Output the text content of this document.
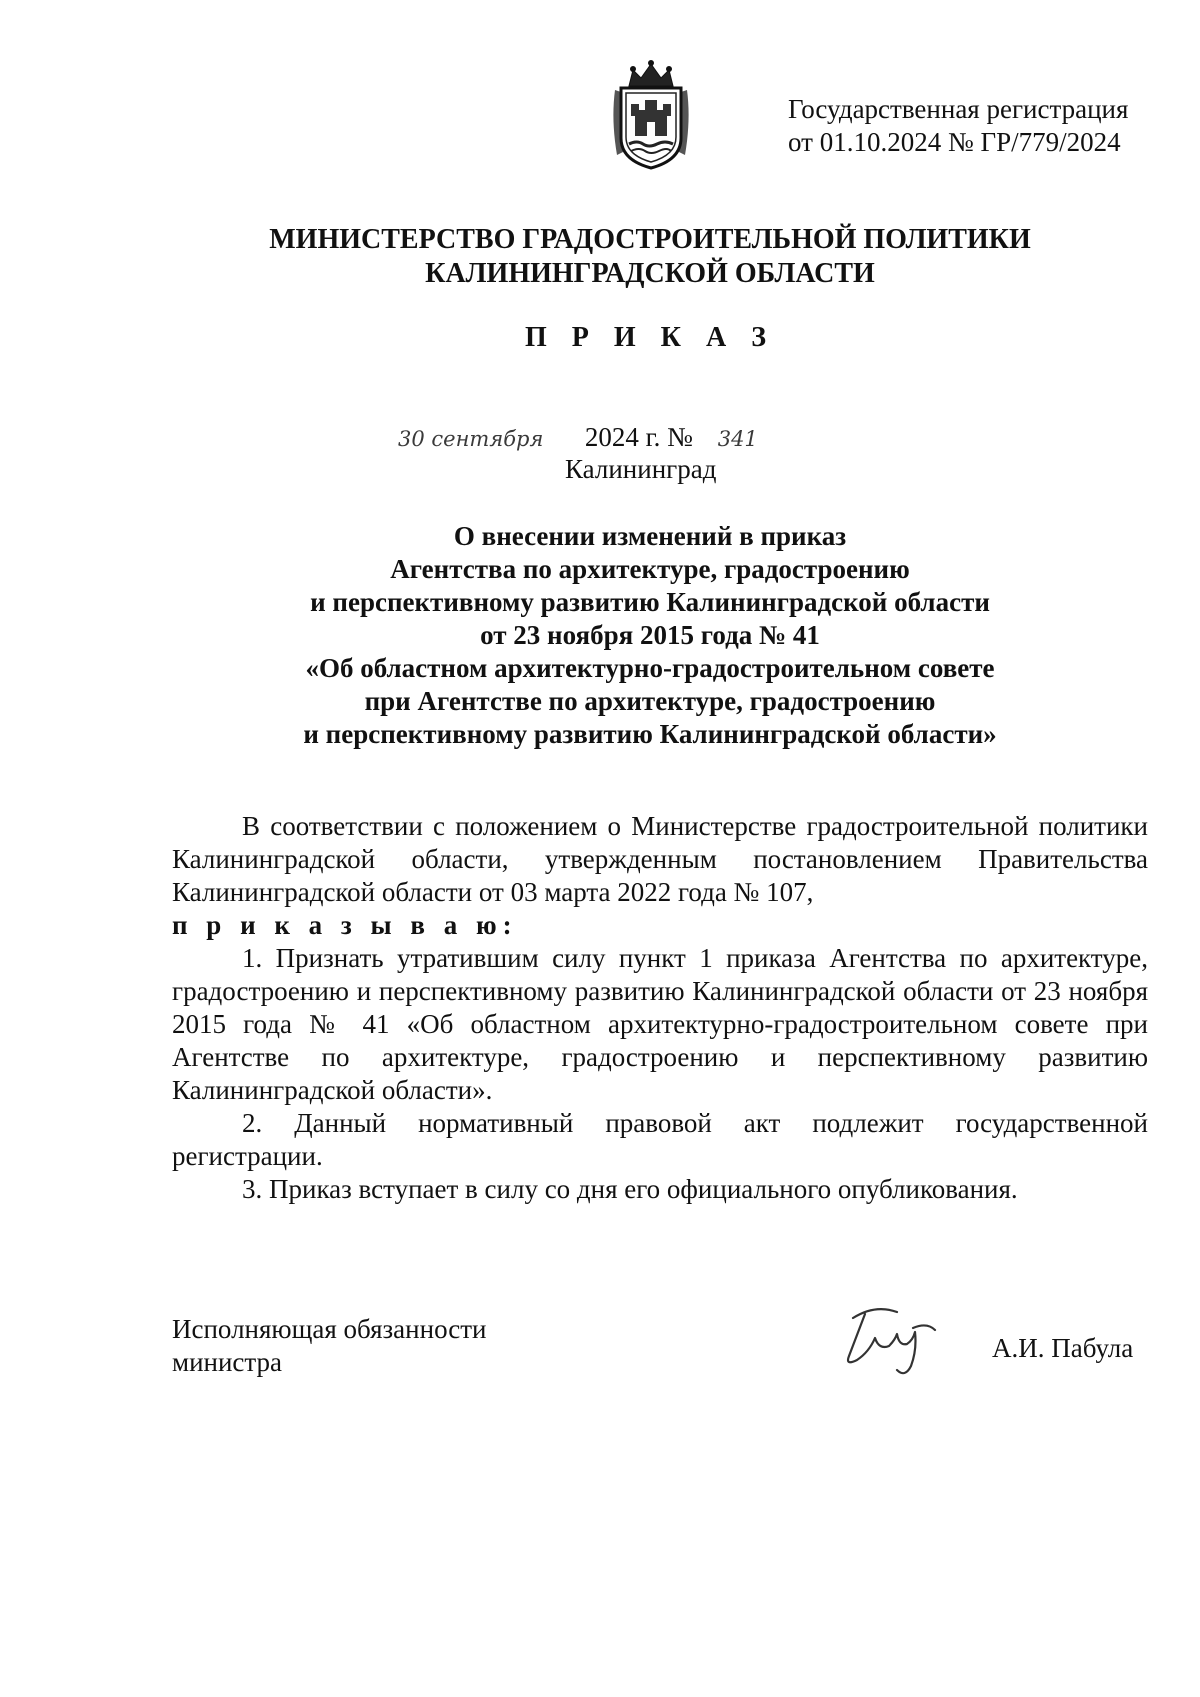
Государственная регистрация
от 01.10.2024 № ГР/779/2024
МИНИСТЕРСТВО ГРАДОСТРОИТЕЛЬНОЙ ПОЛИТИКИ
КАЛИНИНГРАДСКОЙ ОБЛАСТИ
П Р И К А З
30 сентября 2024 г. № 341
Калининград
О внесении изменений в приказ
Агентства по архитектуре, градостроению
и перспективному развитию Калининградской области
от 23 ноября 2015 года № 41
«Об областном архитектурно-градостроительном совете
при Агентстве по архитектуре, градостроению
и перспективному развитию Калининградской области»

В соответствии с положением о Министерстве градостроительной политики Калининградской области, утвержденным постановлением Правительства Калининградской области от 03 марта 2022 года № 107,

п р и к а з ы в а ю:

1. Признать утратившим силу пункт 1 приказа Агентства по архитектуре, градостроению и перспективному развитию Калининградской области от 23 ноября 2015 года № 41 «Об областном архитектурно-градостроительном совете при Агентстве по архитектуре, градостроению и перспективному развитию Калининградской области».

2. Данный нормативный правовой акт подлежит государственной регистрации.

3. Приказ вступает в силу со дня его официального опубликования.

Исполняющая обязанности
министра	А.И. Пабула
